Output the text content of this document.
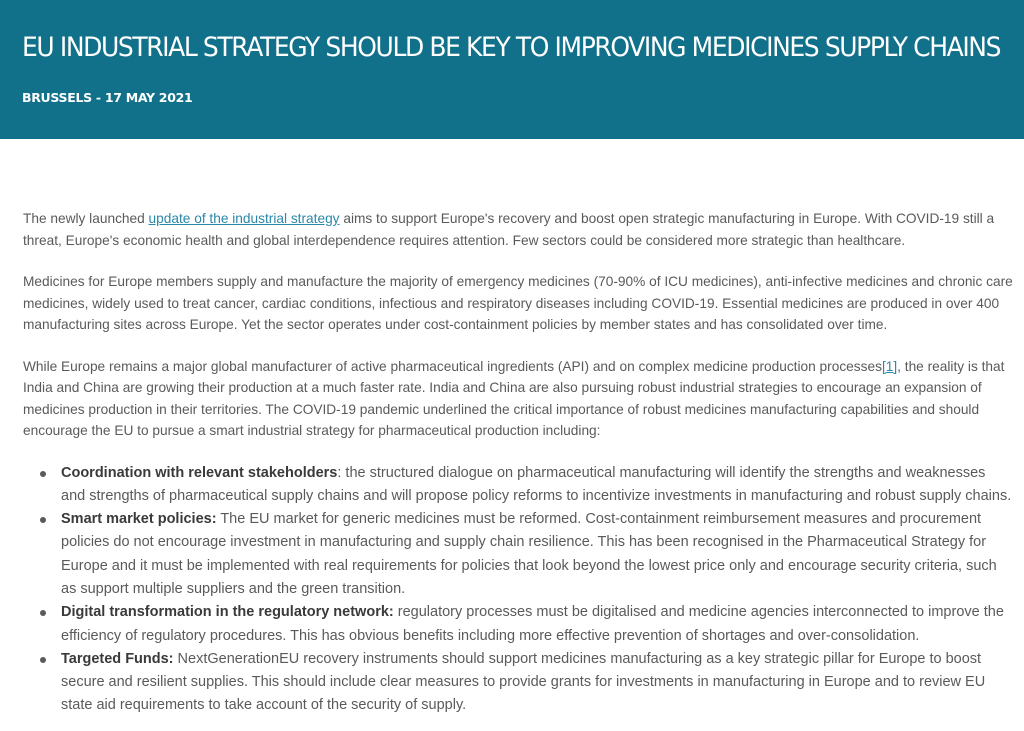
EU INDUSTRIAL STRATEGY SHOULD BE KEY TO IMPROVING MEDICINES SUPPLY CHAINS
BRUSSELS - 17 MAY 2021

The newly launched update of the industrial strategy aims to support Europe's recovery and boost open strategic manufacturing in Europe. With COVID-19 still a threat, Europe's economic health and global interdependence requires attention. Few sectors could be considered more strategic than healthcare.

Medicines for Europe members supply and manufacture the majority of emergency medicines (70-90% of ICU medicines), anti-infective medicines and chronic care medicines, widely used to treat cancer, cardiac conditions, infectious and respiratory diseases including COVID-19. Essential medicines are produced in over 400 manufacturing sites across Europe. Yet the sector operates under cost-containment policies by member states and has consolidated over time.

While Europe remains a major global manufacturer of active pharmaceutical ingredients (API) and on complex medicine production processes[1], the reality is that India and China are growing their production at a much faster rate. India and China are also pursuing robust industrial strategies to encourage an expansion of medicines production in their territories. The COVID-19 pandemic underlined the critical importance of robust medicines manufacturing capabilities and should encourage the EU to pursue a smart industrial strategy for pharmaceutical production including:

Coordination with relevant stakeholders: the structured dialogue on pharmaceutical manufacturing will identify the strengths and weaknesses and strengths of pharmaceutical supply chains and will propose policy reforms to incentivize investments in manufacturing and robust supply chains.
Smart market policies: The EU market for generic medicines must be reformed. Cost-containment reimbursement measures and procurement policies do not encourage investment in manufacturing and supply chain resilience. This has been recognised in the Pharmaceutical Strategy for Europe and it must be implemented with real requirements for policies that look beyond the lowest price only and encourage security criteria, such as support multiple suppliers and the green transition.
Digital transformation in the regulatory network: regulatory processes must be digitalised and medicine agencies interconnected to improve the efficiency of regulatory procedures. This has obvious benefits including more effective prevention of shortages and over-consolidation.
Targeted Funds: NextGenerationEU recovery instruments should support medicines manufacturing as a key strategic pillar for Europe to boost secure and resilient supplies. This should include clear measures to provide grants for investments in manufacturing in Europe and to review EU state aid requirements to take account of the security of supply.
